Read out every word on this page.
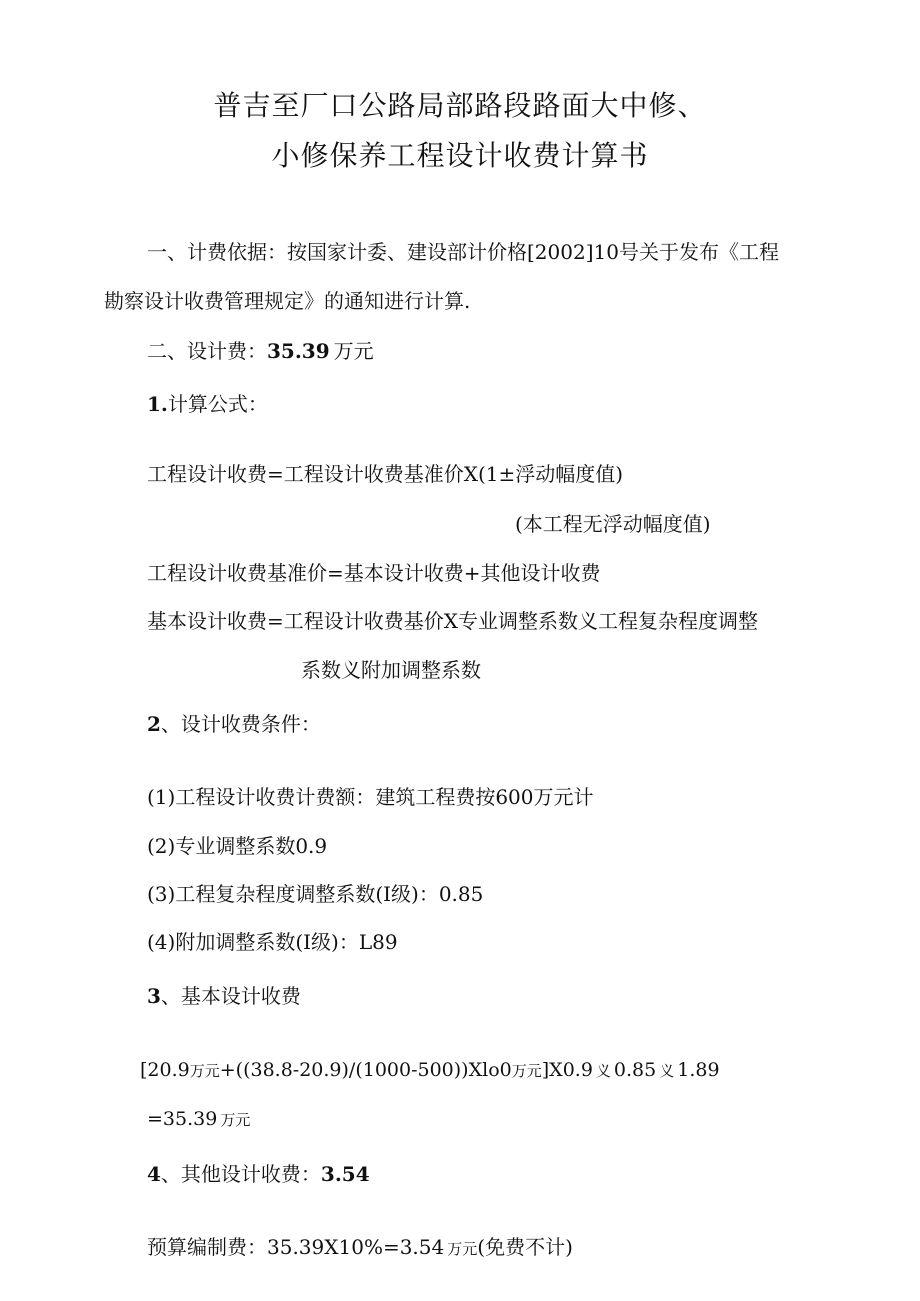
普吉至厂口公路局部路段路面大中修、
小修保养工程设计收费计算书
一、计费依据：按国家计委、建设部计价格[2002]10号关于发布《工程
勘察设计收费管理规定》的通知进行计算.
二、设计费：35.39 万元
1.计算公式：
工程设计收费=工程设计收费基准价X(1±浮动幅度值)
(本工程无浮动幅度值)
工程设计收费基准价=基本设计收费+其他设计收费
基本设计收费=工程设计收费基价X专业调整系数义工程复杂程度调整
系数义附加调整系数
2、设计收费条件：
(1)工程设计收费计费额：建筑工程费按600万元计
(2)专业调整系数0.9
(3)工程复杂程度调整系数(I级)：0.85
(4)附加调整系数(I级)：L89
3、基本设计收费
[20.9万元+((38.8-20.9)/(1000-500))Xlo0万元]X0.9 义 0.85 义 1.89
=35.39 万元
4、其他设计收费：3.54
预算编制费：35.39X10%=3.54 万元(免费不计)
